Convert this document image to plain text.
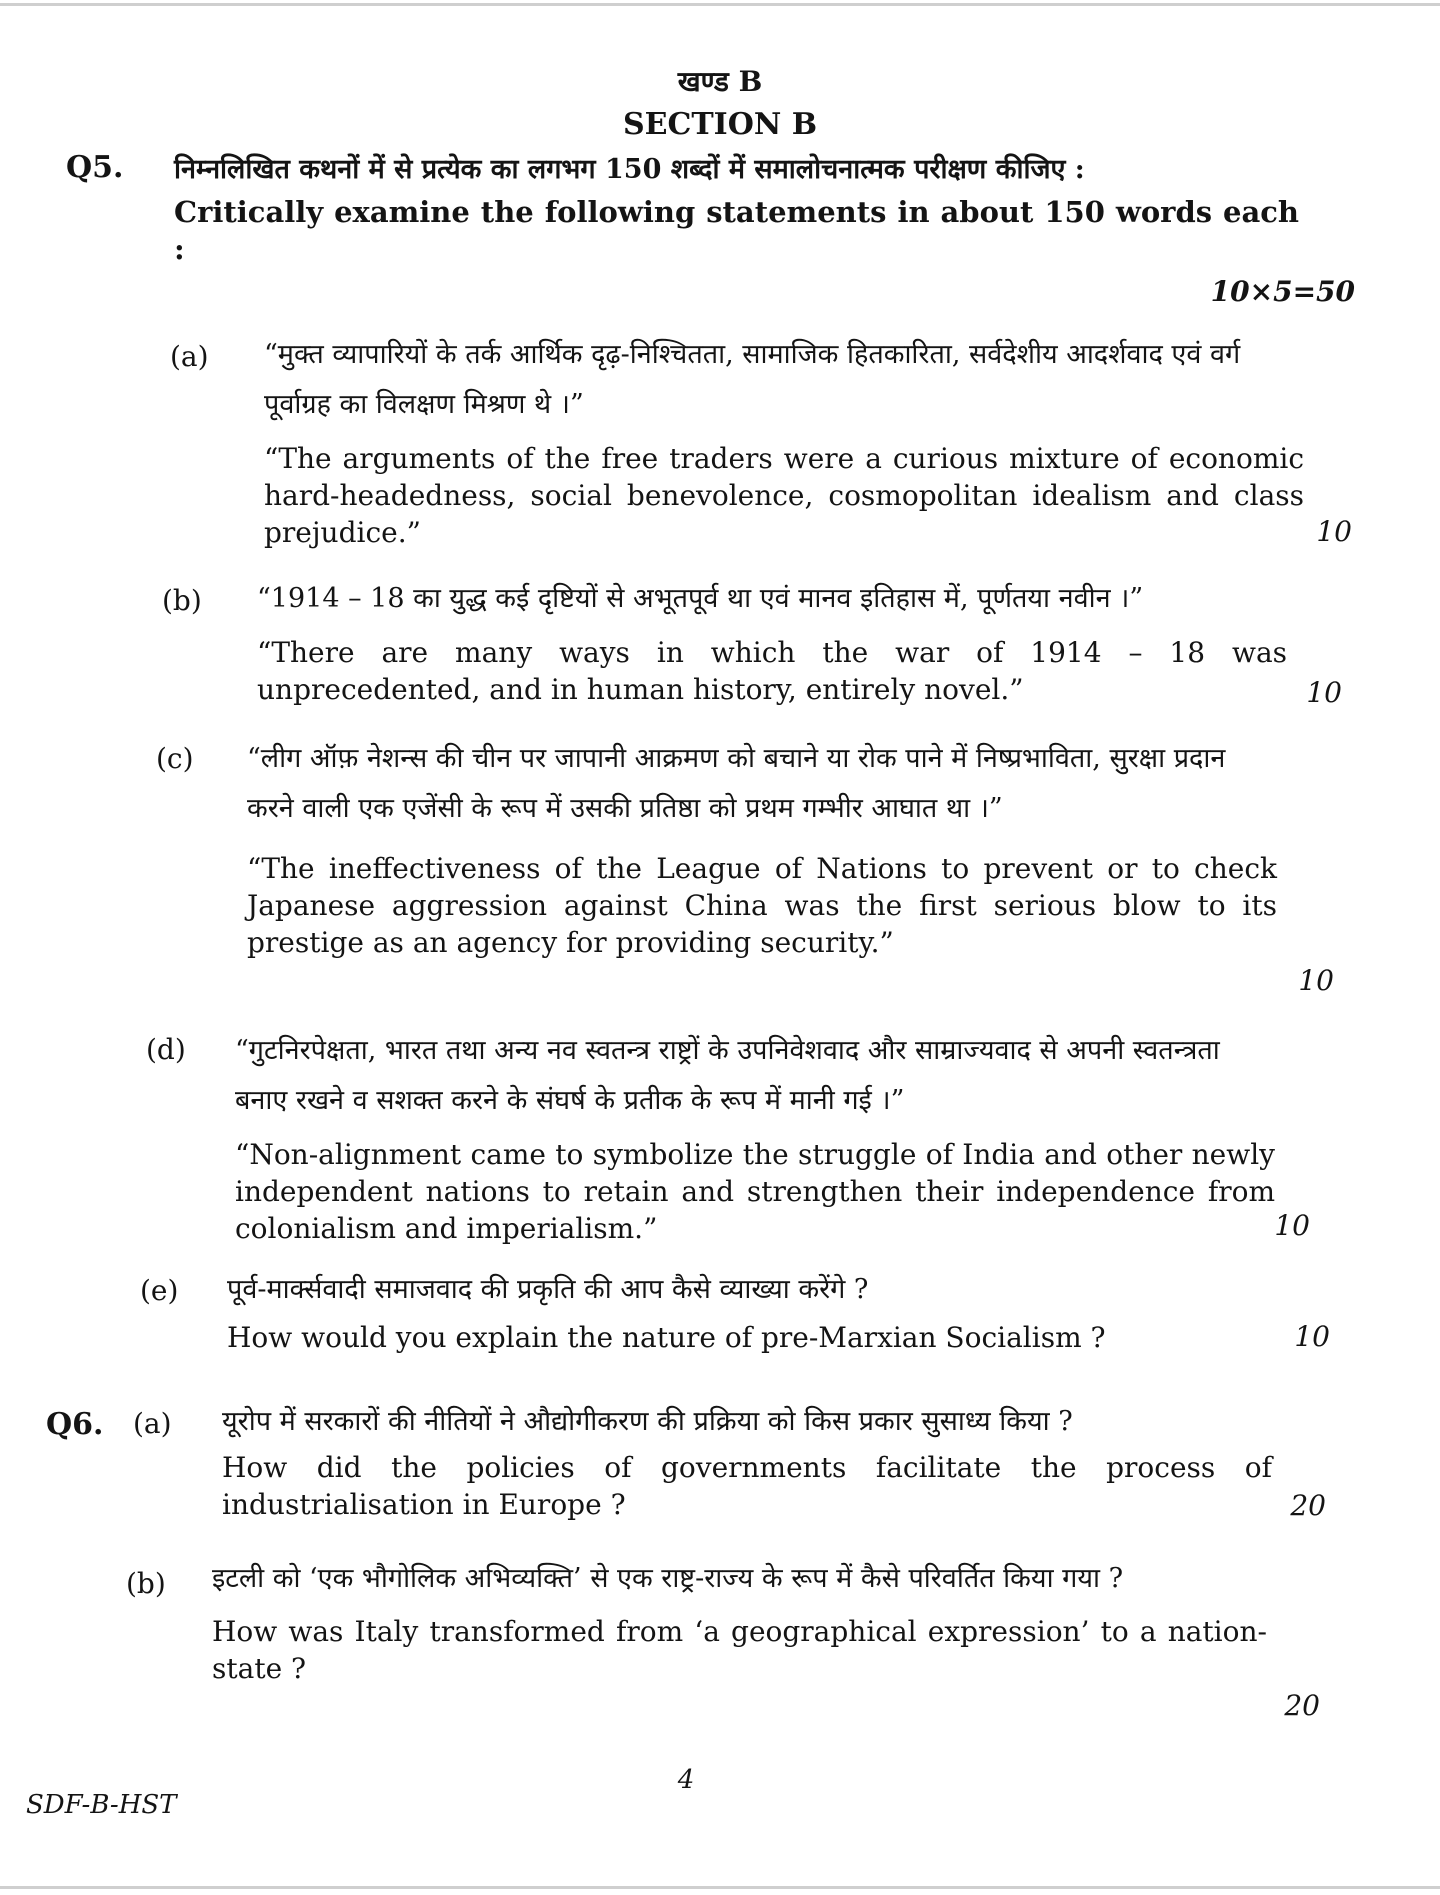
खण्ड B
SECTION B
Q5. निम्नलिखित कथनों में से प्रत्येक का लगभग 150 शब्दों में समालोचनात्मक परीक्षण कीजिए :

Critically examine the following statements in about 150 words each :

10×5=50
(a) “मुक्त व्यापारियों के तर्क आर्थिक दृढ़-निश्चितता, सामाजिक हितकारिता, सर्वदेशीय आदर्शवाद एवं वर्ग पूर्वाग्रह का विलक्षण मिश्रण थे ।”

“The arguments of the free traders were a curious mixture of economic hard-headedness, social benevolence, cosmopolitan idealism and class prejudice.”	10
(b) “1914 – 18 का युद्ध कई दृष्टियों से अभूतपूर्व था एवं मानव इतिहास में, पूर्णतया नवीन ।”

“There are many ways in which the war of 1914 – 18 was unprecedented, and in human history, entirely novel.”	10
(c) “लीग ऑफ़ नेशन्स की चीन पर जापानी आक्रमण को बचाने या रोक पाने में निष्प्रभाविता, सुरक्षा प्रदान करने वाली एक एजेंसी के रूप में उसकी प्रतिष्ठा को प्रथम गम्भीर आघात था ।”

“The ineffectiveness of the League of Nations to prevent or to check Japanese aggression against China was the first serious blow to its prestige as an agency for providing security.”

10
(d) “गुटनिरपेक्षता, भारत तथा अन्य नव स्वतन्त्र राष्ट्रों के उपनिवेशवाद और साम्राज्यवाद से अपनी स्वतन्त्रता बनाए रखने व सशक्त करने के संघर्ष के प्रतीक के रूप में मानी गई ।”

“Non-alignment came to symbolize the struggle of India and other newly independent nations to retain and strengthen their independence from colonialism and imperialism.”	10
(e) पूर्व-मार्क्सवादी समाजवाद की प्रकृति की आप कैसे व्याख्या करेंगे ?

How would you explain the nature of pre-Marxian Socialism ?	10
Q6. (a) यूरोप में सरकारों की नीतियों ने औद्योगीकरण की प्रक्रिया को किस प्रकार सुसाध्य किया ?

How did the policies of governments facilitate the process of industrialisation in Europe ?	20
(b) इटली को ‘एक भौगोलिक अभिव्यक्ति’ से एक राष्ट्र-राज्य के रूप में कैसे परिवर्तित किया गया ?

How was Italy transformed from ‘a geographical expression’ to a nation-state ?

20
4
SDF-B-HST
